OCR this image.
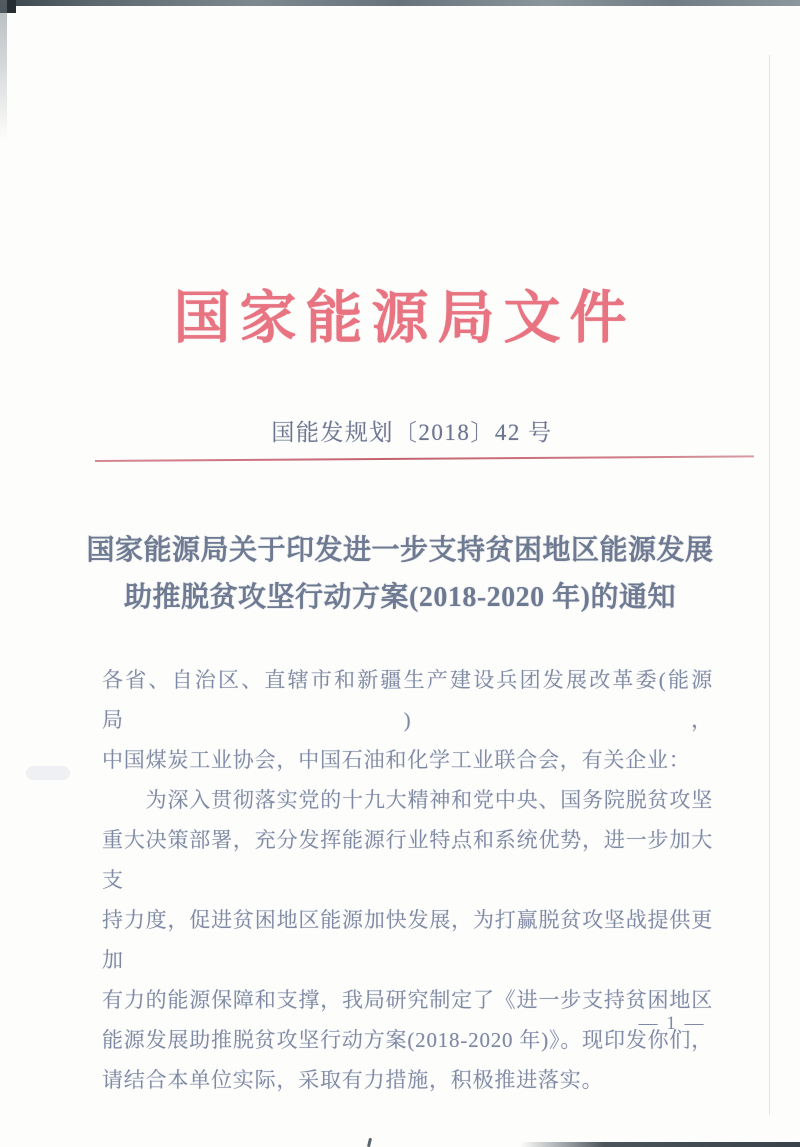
国家能源局文件
国能发规划〔2018〕42 号
国家能源局关于印发进一步支持贫困地区能源发展
助推脱贫攻坚行动方案(2018-2020 年)的通知
各省、自治区、直辖市和新疆生产建设兵团发展改革委(能源局)，
中国煤炭工业协会，中国石油和化学工业联合会，有关企业：
　　为深入贯彻落实党的十九大精神和党中央、国务院脱贫攻坚
重大决策部署，充分发挥能源行业特点和系统优势，进一步加大支
持力度，促进贫困地区能源加快发展，为打赢脱贫攻坚战提供更加
有力的能源保障和支撑，我局研究制定了《进一步支持贫困地区
能源发展助推脱贫攻坚行动方案(2018-2020 年)》。现印发你们，
请结合本单位实际，采取有力措施，积极推进落实。
— 1 —
